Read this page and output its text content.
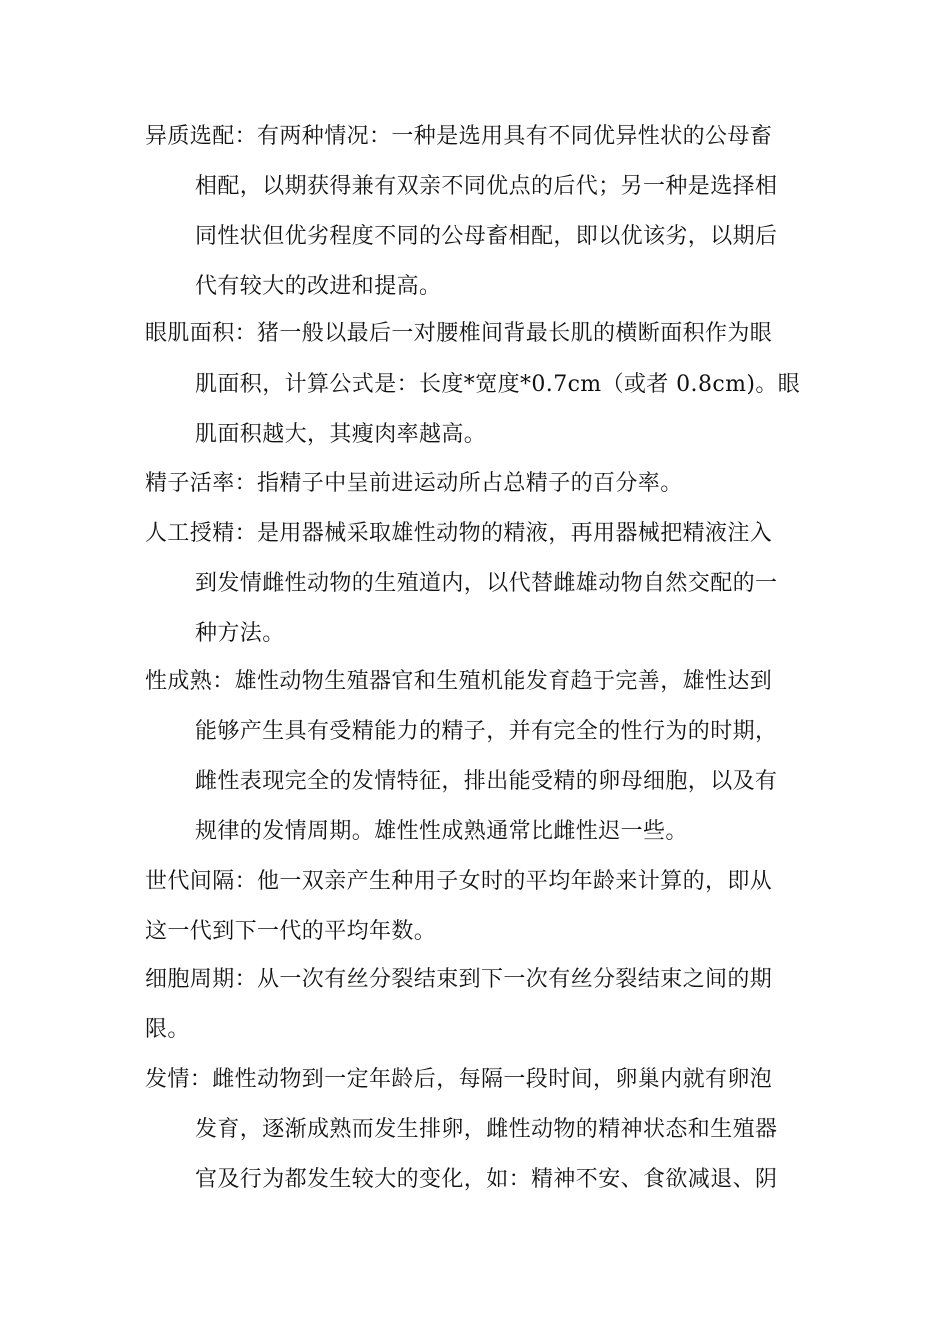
异质选配：有两种情况：一种是选用具有不同优异性状的公母畜
相配，以期获得兼有双亲不同优点的后代；另一种是选择相
同性状但优劣程度不同的公母畜相配，即以优该劣，以期后
代有较大的改进和提高。
眼肌面积：猪一般以最后一对腰椎间背最长肌的横断面积作为眼
肌面积，计算公式是：长度*宽度*0.7cm（或者 0.8cm)。眼
肌面积越大，其瘦肉率越高。
精子活率：指精子中呈前进运动所占总精子的百分率。
人工授精：是用器械采取雄性动物的精液，再用器械把精液注入
到发情雌性动物的生殖道内，以代替雌雄动物自然交配的一
种方法。
性成熟：雄性动物生殖器官和生殖机能发育趋于完善，雄性达到
能够产生具有受精能力的精子，并有完全的性行为的时期，
雌性表现完全的发情特征，排出能受精的卵母细胞，以及有
规律的发情周期。雄性性成熟通常比雌性迟一些。
世代间隔：他一双亲产生种用子女时的平均年龄来计算的，即从
这一代到下一代的平均年数。
细胞周期：从一次有丝分裂结束到下一次有丝分裂结束之间的期
限。
发情：雌性动物到一定年龄后，每隔一段时间，卵巢内就有卵泡
发育，逐渐成熟而发生排卵，雌性动物的精神状态和生殖器
官及行为都发生较大的变化，如：精神不安、食欲减退、阴
